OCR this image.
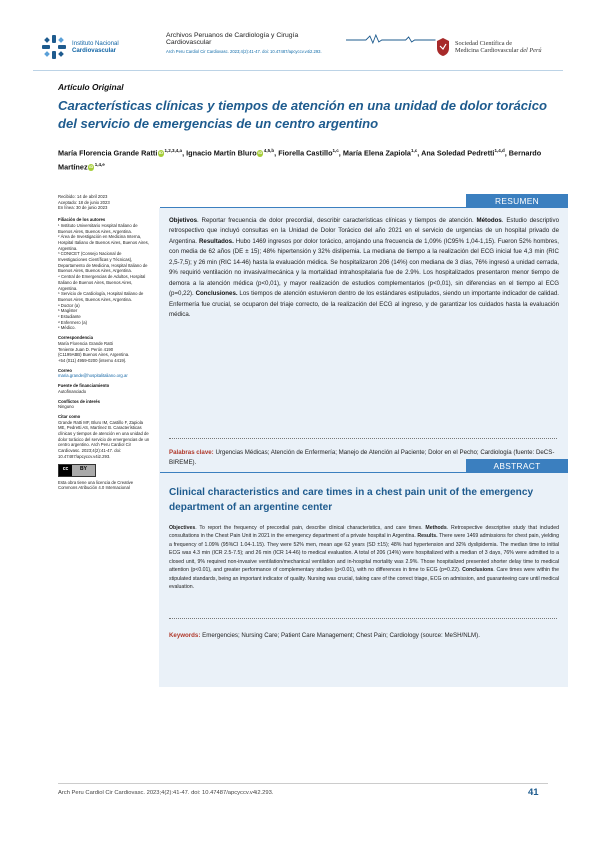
Instituto Nacional
Cardiovascular
Archivos Peruanos de Cardiología y Cirugía Cardiovascular
Arch Peru Cardiol Cir Cardiovasc. 2023;4(2):41-47. doi: 10.47487/apcyccv.v4i2.293.
Sociedad Científica de
Medicina Cardiovascular del Perú
Artículo Original
Características clínicas y tiempos de atención en una unidad de dolor torácico del servicio de emergencias de un centro argentino
María Florencia Grande Ratti iD $^{1,2,3,4,a}$, Ignacio Martín Bluro iD $^{4,5,b}$, Fiorella Castillo$^{1,c}$, María Elena Zapiola$^{1,c}$, Ana Soledad Pedretti$^{1,4,d}$, Bernardo Martínez iD $^{1,4,e}$
Recibido: 14 de abril 2023
Aceptado: 18 de junio 2023
En línea: 30 de junio 2023
Filiación de los autores
¹ Instituto Universitario Hospital Italiano de Buenos Aires, Buenos Aires, Argentina.
² Área de Investigación en Medicina Interna, Hospital Italiano de Buenos Aires, Buenos Aires, Argentina.
³ CONICET (Consejo Nacional de Investigaciones Científicas y Técnicas), Departamento de Medicina, Hospital Italiano de Buenos Aires, Buenos Aires, Argentina.
⁴ Central de Emergencias de Adultos, Hospital Italiano de Buenos Aires, Buenos Aires, Argentina.
⁵ Servicio de Cardiología, Hospital Italiano de Buenos Aires, Buenos Aires, Argentina.
ᵃ Doctor (a)
ᵇ Magíster
ᶜ Estudiante
ᵈ Enfermero (a)
ᵉ Médico.
Correspondencia
María Florencia Grande Ratti
Teniente Juan D. Perón 4190
(C1199ABB) Buenos Aires, Argentina.
+54 (011) 4959-0200 (interno 4419).
Correo
maria.grande@hospitalitaliano.org.ar
Fuente de financiamiento
Autofinanciado
Conflictos de interés
Ninguno
Citar como
Grande Ratti MF, Bluro IM, Castillo F, Zapiola ME, Pedretti AS, Martínez B. Características clínicas y tiempos de atención en una unidad de dolor torácico del servicio de emergencias de un centro argentino. Arch Peru Cardiol Cir Cardiovasc. 2023;4(2):41-47. doi: 10.47487/apcyccv.v4i2.293.
cc	BY
Esta obra tiene una licencia de Creative Commons Atribución 4.0 Internacional
RESUMEN
Objetivos. Reportar frecuencia de dolor precordial, describir características clínicas y tiempos de atención. Métodos. Estudio descriptivo retrospectivo que incluyó consultas en la Unidad de Dolor Torácico del año 2021 en el servicio de urgencias de un hospital privado de Argentina. Resultados. Hubo 1469 ingresos por dolor torácico, arrojando una frecuencia de 1,09% (IC95% 1,04-1,15). Fueron 52% hombres, con media de 62 años (DE ± 15); 48% hipertensión y 32% dislipemia. La mediana de tiempo a la realización del ECG inicial fue 4,3 min (RIC 2,5-7,5); y 26 min (RIC 14-46) hasta la evaluación médica. Se hospitalizaron 206 (14%) con mediana de 3 días, 76% ingresó a unidad cerrada, 9% requirió ventilación no invasiva/mecánica y la mortalidad intrahospitalaria fue de 2.9%. Los hospitalizados presentaron menor tiempo de demora a la atención médica (p<0,01), y mayor realización de estudios complementarios (p<0,01), sin diferencias en el tiempo al ECG (p=0,22). Conclusiones. Los tiempos de atención estuvieron dentro de los estándares estipulados, siendo un importante indicador de calidad. Enfermería fue crucial, se ocuparon del triaje correcto, de la realización del ECG al ingreso, y de garantizar los cuidados hasta la evaluación médica.
Palabras clave: Urgencias Médicas; Atención de Enfermería; Manejo de Atención al Paciente; Dolor en el Pecho; Cardiología (fuente: DeCS-BIREME).	ABSTRACT
Clinical characteristics and care times in a chest pain unit of the emergency department of an argentine center
Objectives. To report the frequency of precordial pain, describe clinical characteristics, and care times. Methods. Retrospective descriptive study that included consultations in the Chest Pain Unit in 2021 in the emergency department of a private hospital in Argentina. Results. There were 1469 admissions for chest pain, yielding a frequency of 1.09% (95%CI 1.04-1.15). They were 52% men, mean age 62 years (SD ±15); 48% had hypertension and 32% dyslipidemia. The median time to initial ECG was 4.3 min (ICR 2.5-7.5); and 26 min (ICR 14-46) to medical evaluation. A total of 206 (14%) were hospitalized with a median of 3 days, 76% were admitted to a closed unit, 9% required non-invasive ventilation/mechanical ventilation and in-hospital mortality was 2.9%. Those hospitalized presented shorter delay time to medical attention (p<0.01), and greater performance of complementary studies (p<0.01), with no differences in time to ECG (p=0.22). Conclusions. Care times were within the stipulated standards, being an important indicator of quality. Nursing was crucial, taking care of the correct triage, ECG on admission, and guaranteeing care until medical evaluation.
Keywords: Emergencies; Nursing Care; Patient Care Management; Chest Pain; Cardiology (source: MeSH/NLM).
Arch Peru Cardiol Cir Cardiovasc. 2023;4(2):41-47. doi: 10.47487/apcyccv.v4i2.293.	41
